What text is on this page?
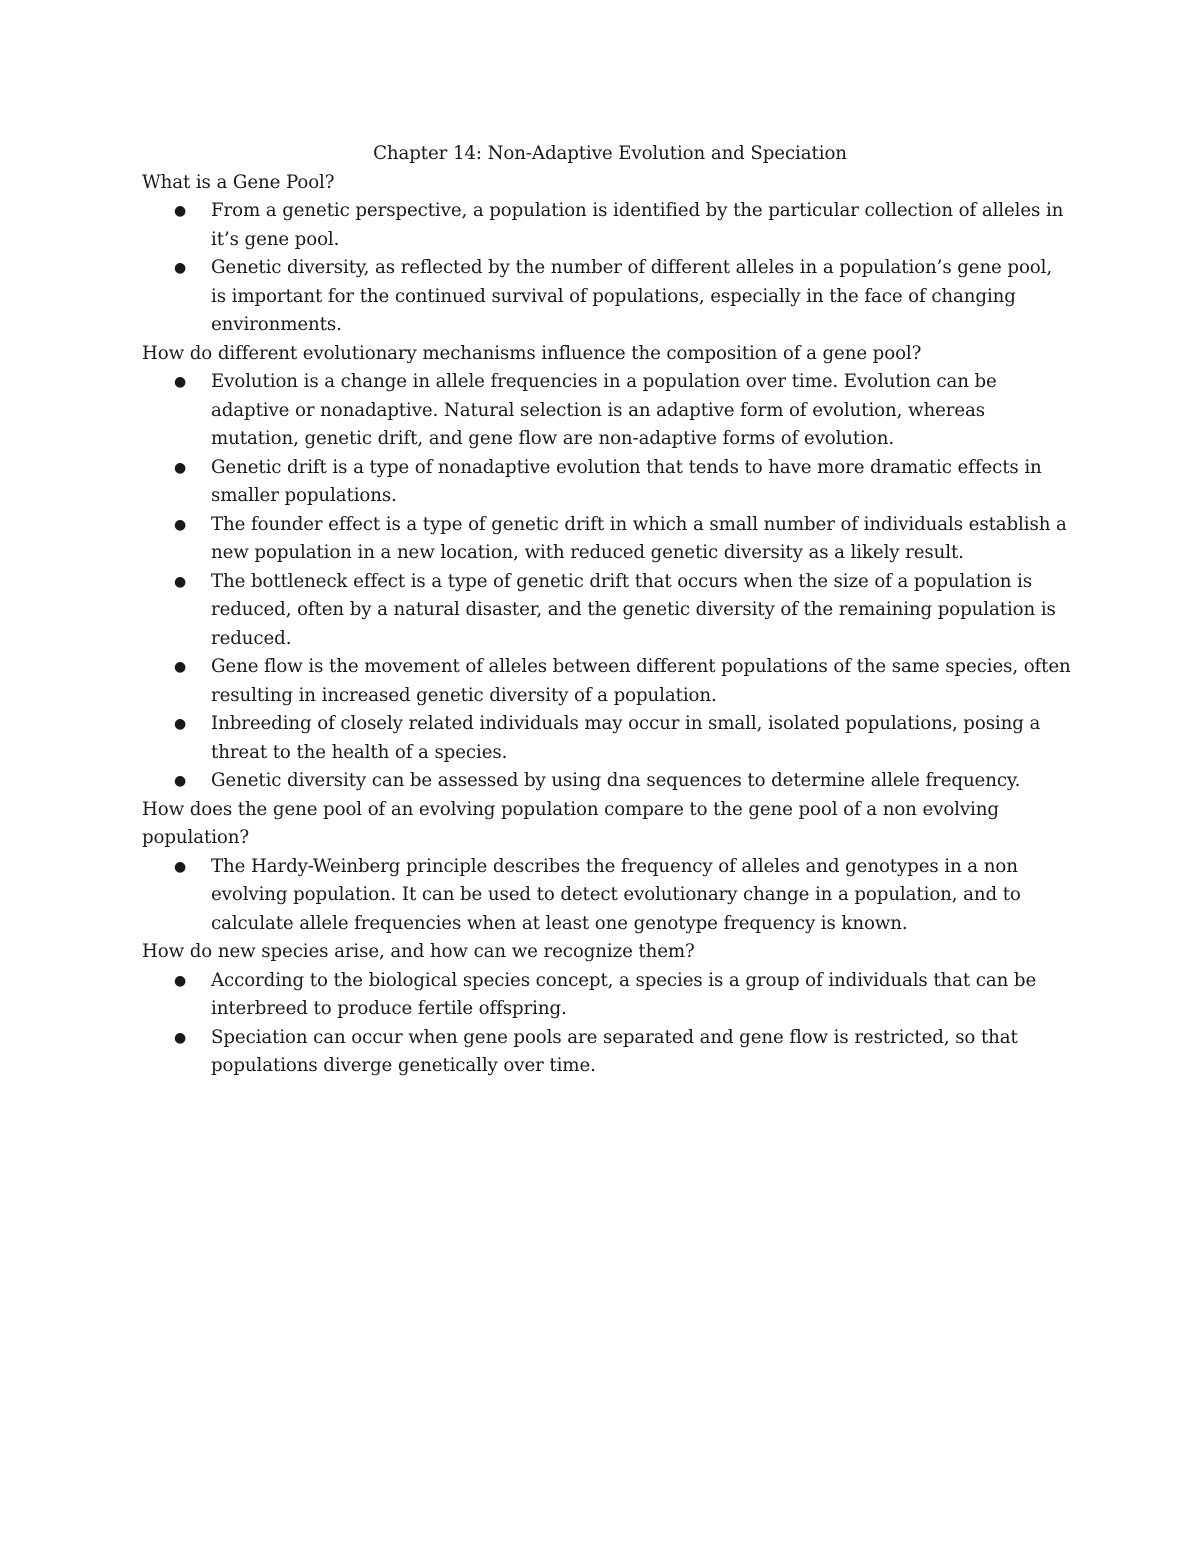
Chapter 14: Non-Adaptive Evolution and Speciation

What is a Gene Pool?

● From a genetic perspective, a population is identified by the particular collection of alleles in it’s gene pool.
● Genetic diversity, as reflected by the number of different alleles in a population’s gene pool, is important for the continued survival of populations, especially in the face of changing environments.

How do different evolutionary mechanisms influence the composition of a gene pool?

● Evolution is a change in allele frequencies in a population over time. Evolution can be adaptive or nonadaptive. Natural selection is an adaptive form of evolution, whereas mutation, genetic drift, and gene flow are non-adaptive forms of evolution.
● Genetic drift is a type of nonadaptive evolution that tends to have more dramatic effects in smaller populations.
● The founder effect is a type of genetic drift in which a small number of individuals establish a new population in a new location, with reduced genetic diversity as a likely result.
● The bottleneck effect is a type of genetic drift that occurs when the size of a population is reduced, often by a natural disaster, and the genetic diversity of the remaining population is reduced.
● Gene flow is the movement of alleles between different populations of the same species, often resulting in increased genetic diversity of a population.
● Inbreeding of closely related individuals may occur in small, isolated populations, posing a threat to the health of a species.
● Genetic diversity can be assessed by using dna sequences to determine allele frequency.

How does the gene pool of an evolving population compare to the gene pool of a non evolving population?

● The Hardy-Weinberg principle describes the frequency of alleles and genotypes in a non evolving population. It can be used to detect evolutionary change in a population, and to calculate allele frequencies when at least one genotype frequency is known.

How do new species arise, and how can we recognize them?

● According to the biological species concept, a species is a group of individuals that can be interbreed to produce fertile offspring.
● Speciation can occur when gene pools are separated and gene flow is restricted, so that populations diverge genetically over time.
